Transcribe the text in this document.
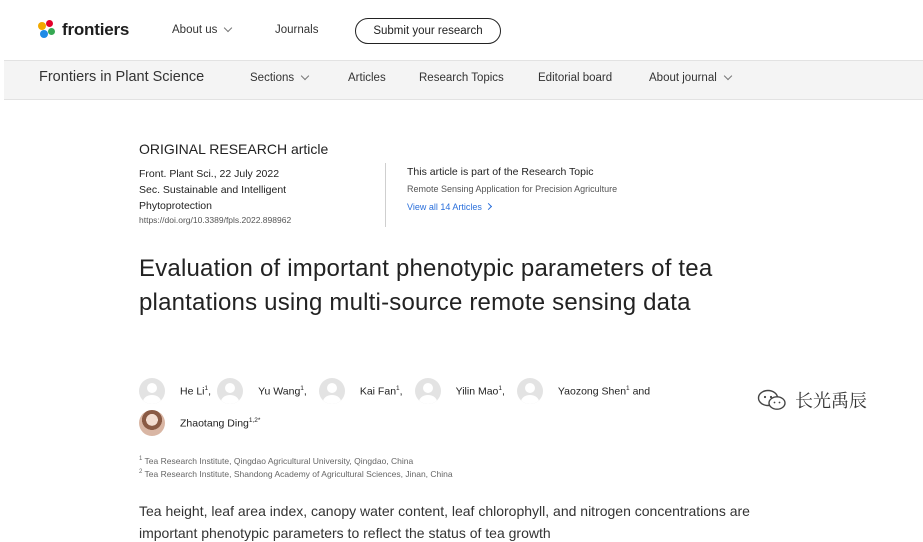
frontiers	About us	Journals	Submit your research
Frontiers in Plant Science	Sections	Articles	Research Topics	Editorial board	About journal
ORIGINAL RESEARCH article
Front. Plant Sci., 22 July 2022
Sec. Sustainable and Intelligent Phytoprotection
https://doi.org/10.3389/fpls.2022.898962
This article is part of the Research Topic
Remote Sensing Application for Precision Agriculture
View all 14 Articles
Evaluation of important phenotypic parameters of tea plantations using multi-source remote sensing data
He Li$^1$,	Yu Wang$^1$,	Kai Fan$^1$,	Yilin Mao$^1$,	Yaozong Shen$^1$ and
Zhaotang Ding$^{1,2*}$
$^1$ Tea Research Institute, Qingdao Agricultural University, Qingdao, China
$^2$ Tea Research Institute, Shandong Academy of Agricultural Sciences, Jinan, China

Tea height, leaf area index, canopy water content, leaf chlorophyll, and nitrogen concentrations are important phenotypic parameters to reflect the status of tea growth

长光禹辰
